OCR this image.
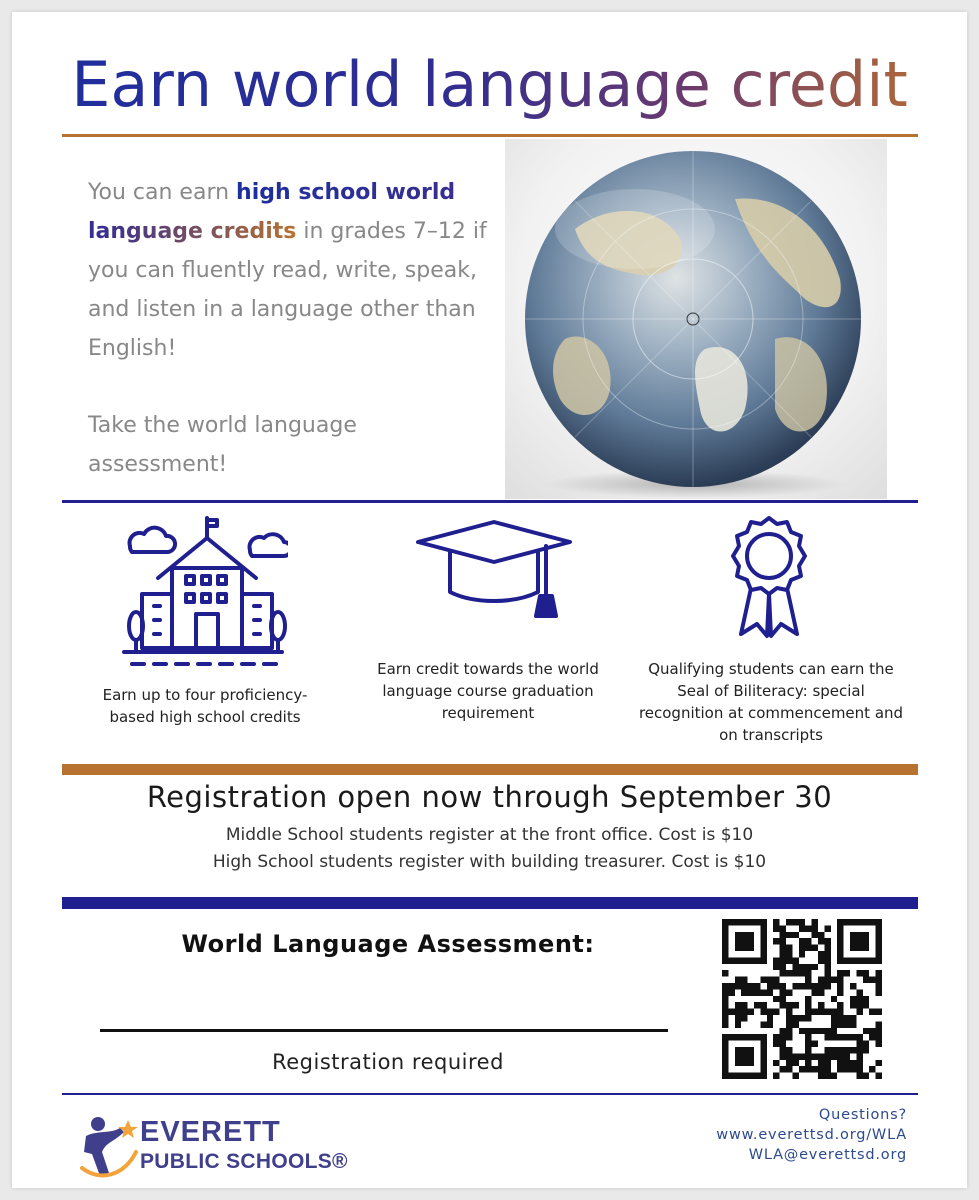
Earn world language credit
You can earn high school world language credits in grades 7–12 if you can fluently read, write, speak, and listen in a language other than English!
Take the world language assessment!
Earn up to four proficiency-based high school credits
Earn credit towards the world language course graduation requirement
Qualifying students can earn the Seal of Biliteracy: special recognition at commencement and on transcripts
Registration open now through September 30
Middle School students register at the front office. Cost is $10
High School students register with building treasurer. Cost is $10
World Language Assessment:
Registration required
EVERETT
PUBLIC SCHOOLS®
Questions?
www.everettsd.org/WLA
WLA@everettsd.org
